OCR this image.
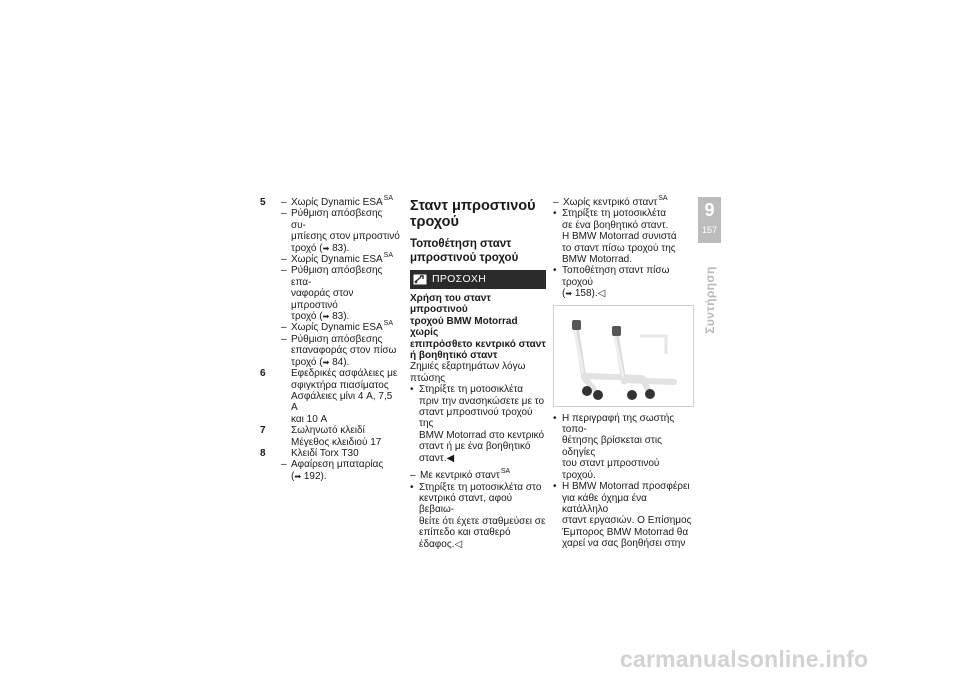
5	– Χωρίς Dynamic $ESA^{SA}$
– Ρύθμιση απόσβεσης συ-
μπίεσης στον μπροστινό
τροχό (➡ 83).
– Χωρίς Dynamic $ESA^{SA}$
– Ρύθμιση απόσβεσης επα-
ναφοράς στον μπροστινό
τροχό (➡ 83).
– Χωρίς Dynamic $ESA^{SA}$
– Ρύθμιση απόσβεσης
επαναφοράς στον πίσω
τροχό (➡ 84).
6	Εφεδρικές ασφάλειες με
σφιγκτήρα πιασίματος
Ασφάλειες μίνι 4 A, 7,5 A
και 10 A
7	Σωληνωτό κλειδί
Μέγεθος κλειδιού 17
8	Κλειδί Torx T30
– Αφαίρεση μπαταρίας
(➡ 192).
Σταντ μπροστινού
τροχού
Τοποθέτηση σταντ
μπροστινού τροχού
ΠΡΟΣΟΧΗ
Χρήση του σταντ μπροστινού
τροχού BMW Motorrad χωρίς
επιπρόσθετο κεντρικό σταντ
ή βοηθητικό σταντ
Ζημιές εξαρτημάτων λόγω
πτώσης
• Στηρίξτε τη μοτοσικλέτα
πριν την ανασηκώσετε με το
σταντ μπροστινού τροχού της
BMW Motorrad στο κεντρικό
σταντ ή με ένα βοηθητικό
σταντ.◀
– Με κεντρικό σταντ$^{SA}$
• Στηρίξτε τη μοτοσικλέτα στο
κεντρικό σταντ, αφού βεβαιω-
θείτε ότι έχετε σταθμεύσει σε
επίπεδο και σταθερό έδαφος.◁
– Χωρίς κεντρικό σταντ$^{SA}$
• Στηρίξτε τη μοτοσικλέτα
σε ένα βοηθητικό σταντ.
Η BMW Motorrad συνιστά
το σταντ πίσω τροχού της
BMW Motorrad.
• Τοποθέτηση σταντ πίσω τροχού
(➡ 158).◁
• Η περιγραφή της σωστής τοπο-
θέτησης βρίσκεται στις οδηγίες
του σταντ μπροστινού τροχού.
• Η BMW Motorrad προσφέρει
για κάθε όχημα ένα κατάλληλο
σταντ εργασιών. Ο Επίσημος
Έμπορος BMW Motorrad θα
χαρεί να σας βοηθήσει στην
9
157
Συντήρηση
carmanualsonline.info
